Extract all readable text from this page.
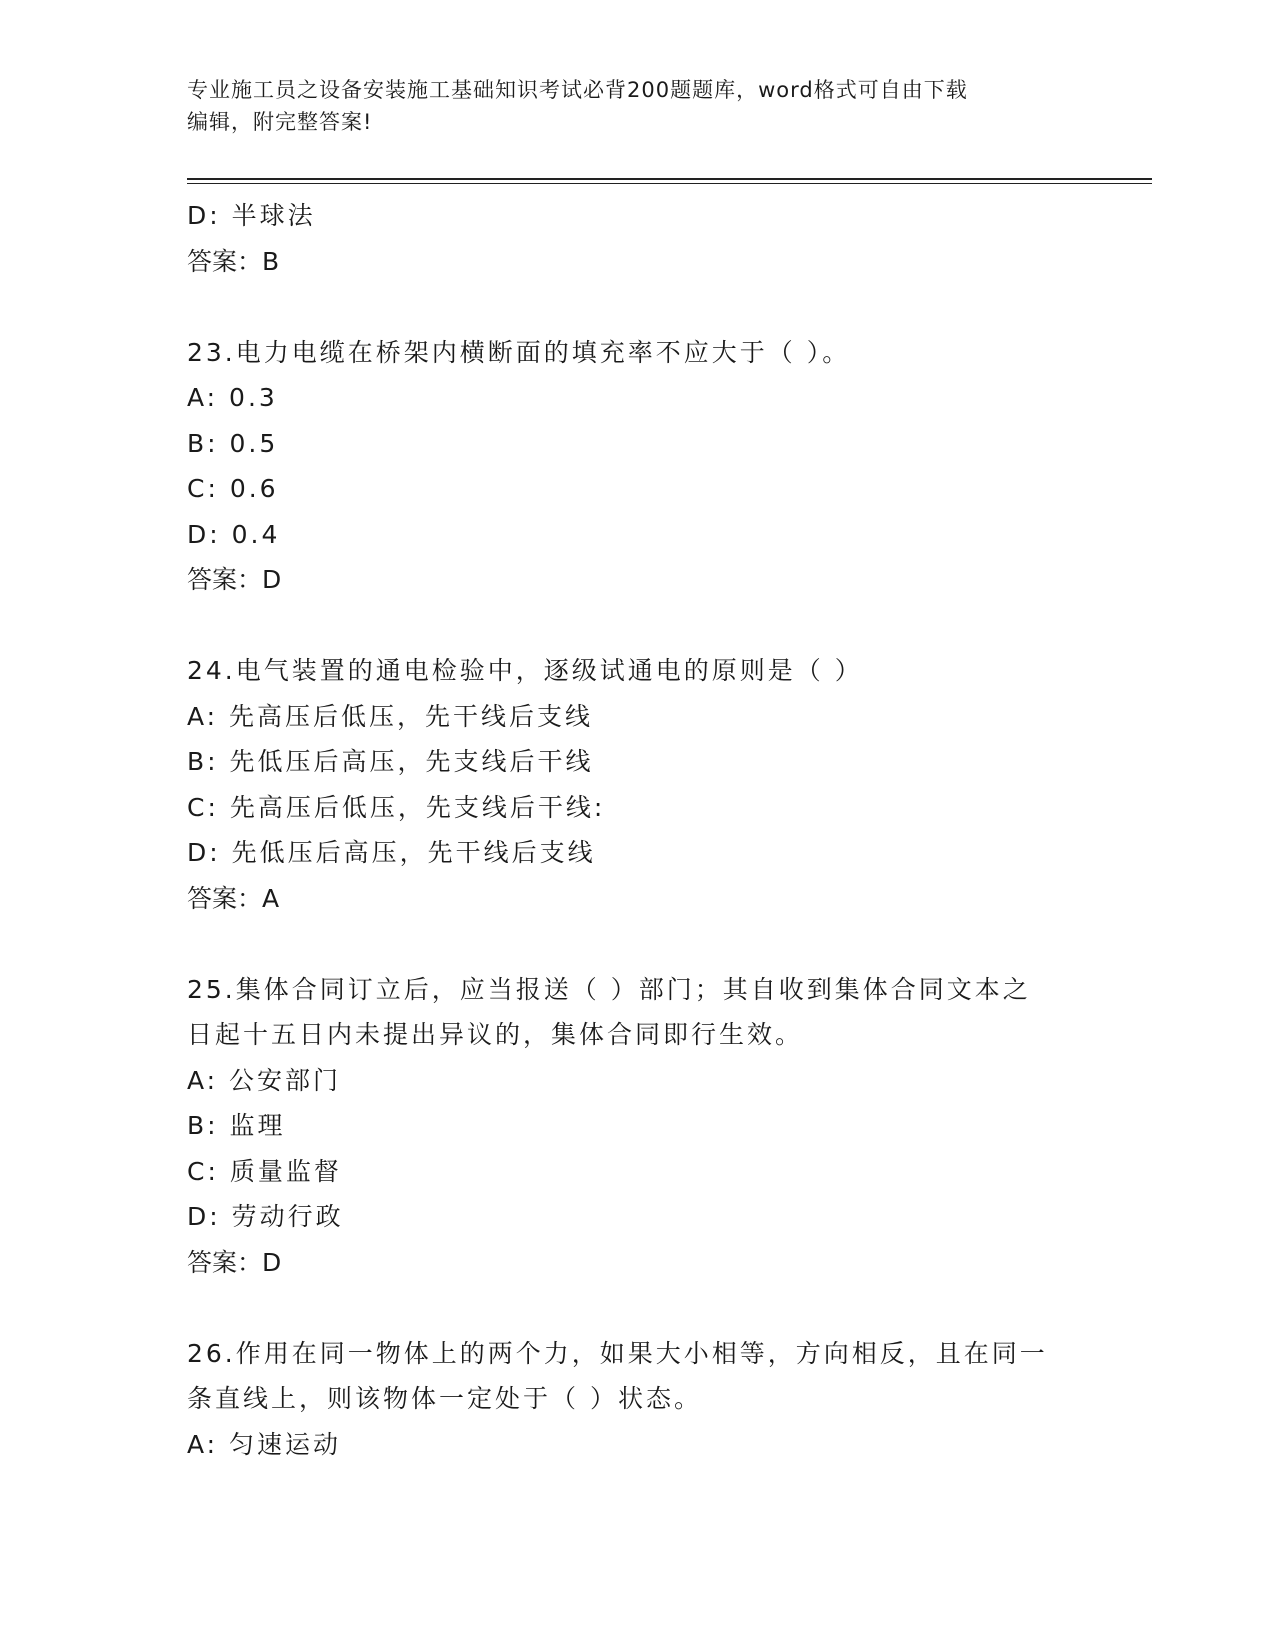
专业施工员之设备安装施工基础知识考试必背200题题库，word格式可自由下载
编辑，附完整答案!
D: 半球法
答案：B
23.电力电缆在桥架内横断面的填充率不应大于（ ）。
A: 0.3
B: 0.5
C: 0.6
D: 0.4
答案：D
24.电气装置的通电检验中，逐级试通电的原则是（ ）
A: 先高压后低压，先干线后支线
B: 先低压后高压，先支线后干线
C: 先高压后低压，先支线后干线:
D: 先低压后高压，先干线后支线
答案：A
25.集体合同订立后，应当报送（ ）部门；其自收到集体合同文本之
日起十五日内未提出异议的，集体合同即行生效。
A: 公安部门
B: 监理
C: 质量监督
D: 劳动行政
答案：D
26.作用在同一物体上的两个力，如果大小相等，方向相反，且在同一
条直线上，则该物体一定处于（ ）状态。
A: 匀速运动
